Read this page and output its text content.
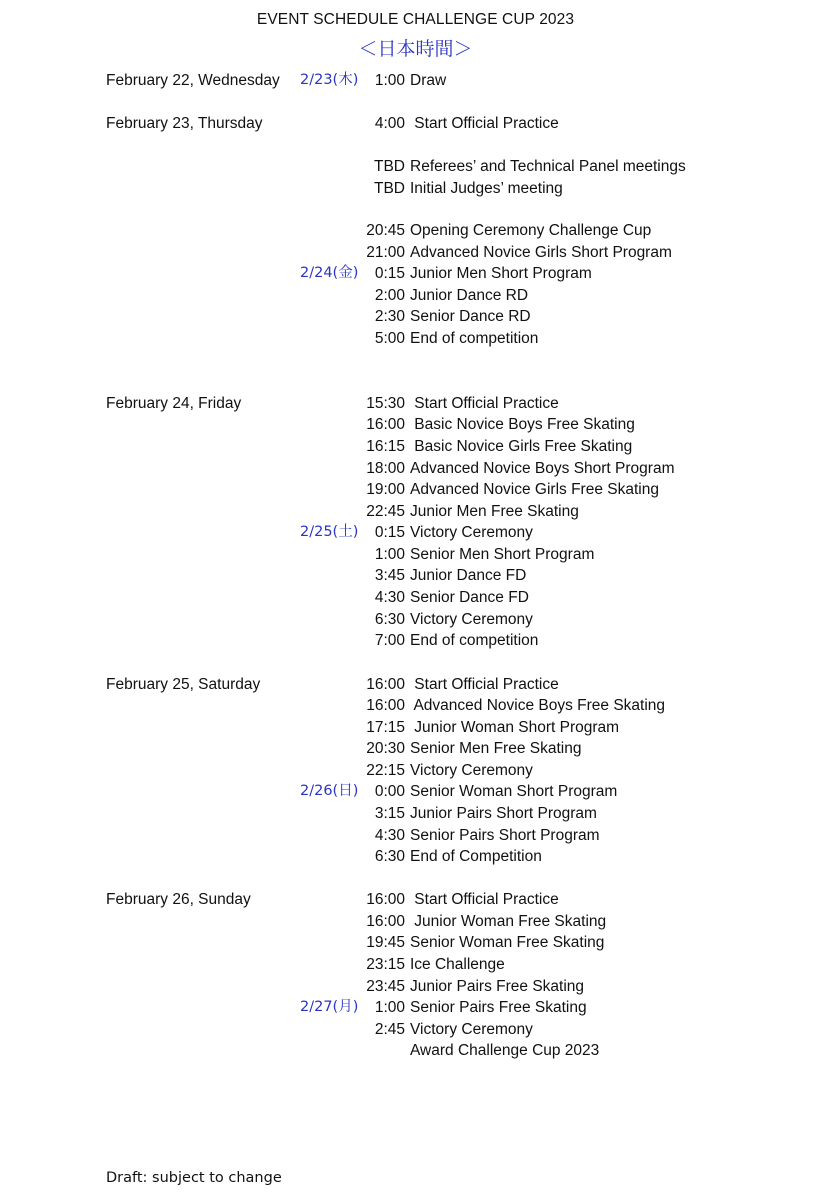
EVENT SCHEDULE CHALLENGE CUP 2023
＜日本時間＞
February 22, Wednesday 2/23(木) 1:00 Draw
February 23, Thursday	4:00 Start Official Practice
TBD Referees’ and Technical Panel meetings
TBD Initial Judges’ meeting
20:45 Opening Ceremony Challenge Cup
21:00 Advanced Novice Girls Short Program
2/24(金) 0:15 Junior Men Short Program
2:00 Junior Dance RD
2:30 Senior Dance RD
5:00 End of competition
February 24, Friday	15:30 Start Official Practice
16:00 Basic Novice Boys Free Skating
16:15 Basic Novice Girls Free Skating
18:00 Advanced Novice Boys Short Program
19:00 Advanced Novice Girls Free Skating
22:45 Junior Men Free Skating
2/25(土) 0:15 Victory Ceremony
1:00 Senior Men Short Program
3:45 Junior Dance FD
4:30 Senior Dance FD
6:30 Victory Ceremony
7:00 End of competition
February 25, Saturday	16:00 Start Official Practice
16:00 Advanced Novice Boys Free Skating
17:15 Junior Woman Short Program
20:30 Senior Men Free Skating
22:15 Victory Ceremony
2/26(日) 0:00 Senior Woman Short Program
3:15 Junior Pairs Short Program
4:30 Senior Pairs Short Program
6:30 End of Competition
February 26, Sunday	16:00 Start Official Practice
16:00 Junior Woman Free Skating
19:45 Senior Woman Free Skating
23:15 Ice Challenge
23:45 Junior Pairs Free Skating
2/27(月) 1:00 Senior Pairs Free Skating
2:45 Victory Ceremony
Award Challenge Cup 2023
Draft: subject to change
